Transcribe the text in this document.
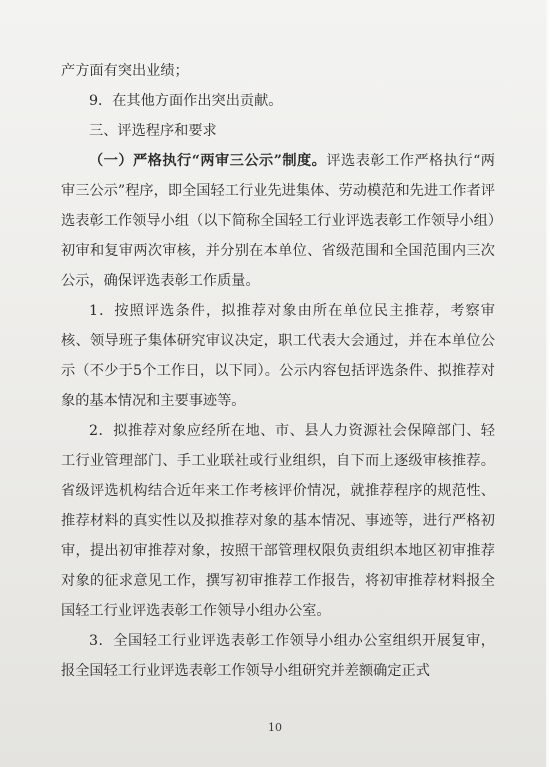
产方面有突出业绩；

9．在其他方面作出突出贡献。

三、评选程序和要求

（一）严格执行“两审三公示”制度。评选表彰工作严格执行“两审三公示”程序，即全国轻工行业先进集体、劳动模范和先进工作者评选表彰工作领导小组（以下简称全国轻工行业评选表彰工作领导小组）初审和复审两次审核，并分别在本单位、省级范围和全国范围内三次公示，确保评选表彰工作质量。

1．按照评选条件，拟推荐对象由所在单位民主推荐，考察审核、领导班子集体研究审议决定，职工代表大会通过，并在本单位公示（不少于5个工作日，以下同）。公示内容包括评选条件、拟推荐对象的基本情况和主要事迹等。

2．拟推荐对象应经所在地、市、县人力资源社会保障部门、轻工行业管理部门、手工业联社或行业组织，自下而上逐级审核推荐。省级评选机构结合近年来工作考核评价情况，就推荐程序的规范性、推荐材料的真实性以及拟推荐对象的基本情况、事迹等，进行严格初审，提出初审推荐对象，按照干部管理权限负责组织本地区初审推荐对象的征求意见工作，撰写初审推荐工作报告，将初审推荐材料报全国轻工行业评选表彰工作领导小组办公室。

3．全国轻工行业评选表彰工作领导小组办公室组织开展复审，报全国轻工行业评选表彰工作领导小组研究并差额确定正式

10
